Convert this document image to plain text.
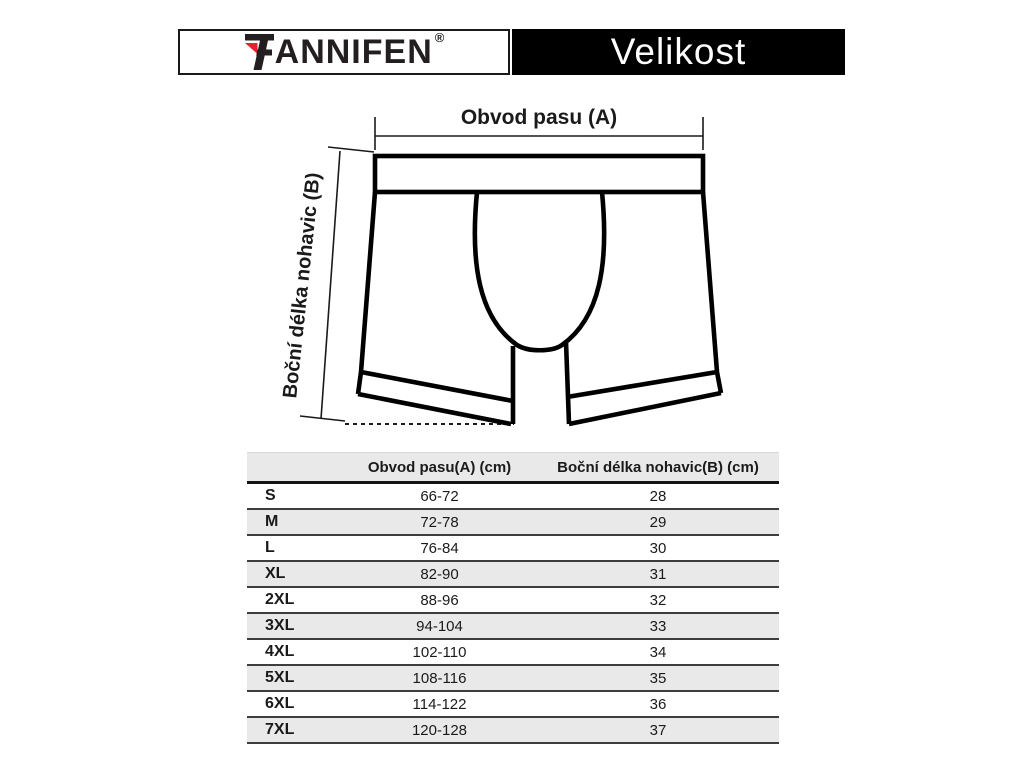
ANNIFEN ®	Velikost
Obvod pasu (A)
Boční délka nohavic (B)
	Obvod pasu(A) (cm)	Boční délka nohavic(B) (cm)
S	66-72	28
M	72-78	29
L	76-84	30
XL	82-90	31
2XL	88-96	32
3XL	94-104	33
4XL	102-110	34
5XL	108-116	35
6XL	114-122	36
7XL	120-128	37
